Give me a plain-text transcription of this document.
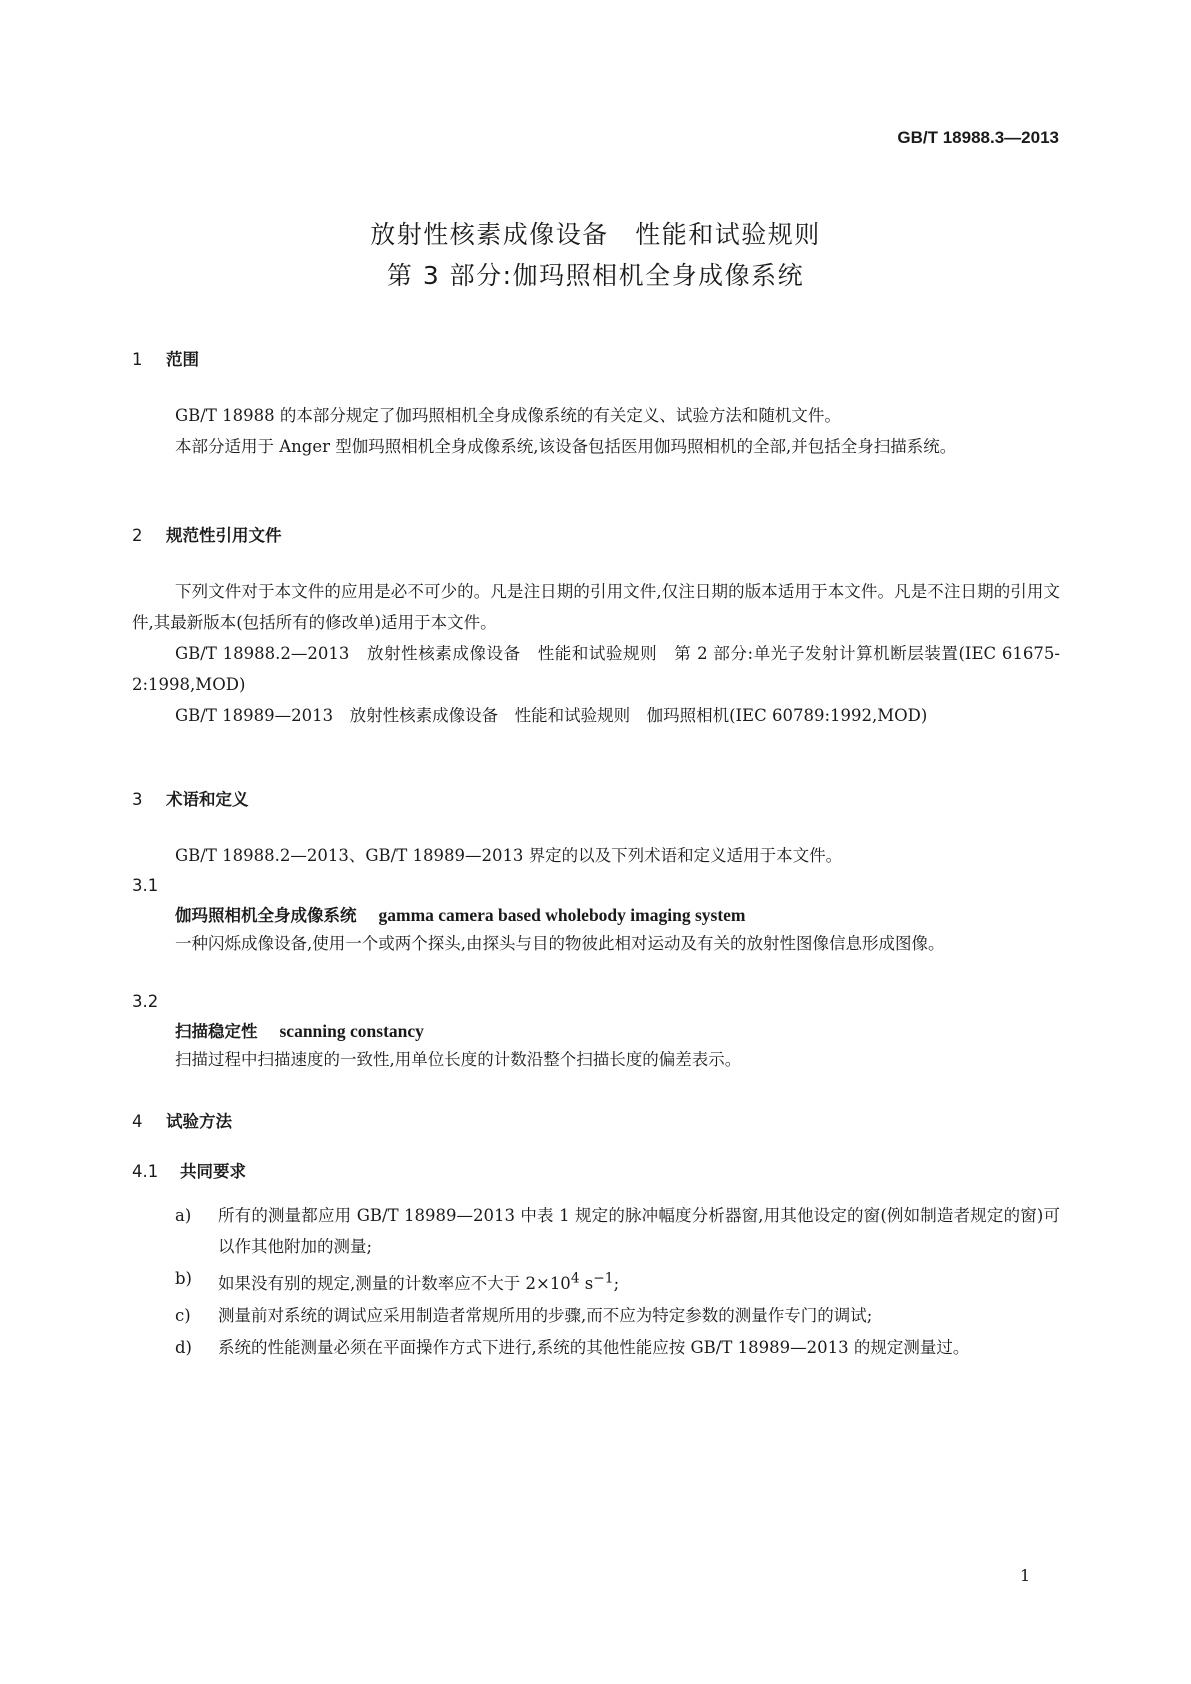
GB/T 18988.3—2013
放射性核素成像设备　性能和试验规则
第 3 部分:伽玛照相机全身成像系统
1 范围
GB/T 18988 的本部分规定了伽玛照相机全身成像系统的有关定义、试验方法和随机文件。
本部分适用于 Anger 型伽玛照相机全身成像系统,该设备包括医用伽玛照相机的全部,并包括全身扫描系统。
2 规范性引用文件
下列文件对于本文件的应用是必不可少的。凡是注日期的引用文件,仅注日期的版本适用于本文件。凡是不注日期的引用文件,其最新版本(包括所有的修改单)适用于本文件。
GB/T 18988.2—2013　放射性核素成像设备　性能和试验规则　第 2 部分:单光子发射计算机断层装置(IEC 61675-2:1998,MOD)
GB/T 18989—2013　放射性核素成像设备　性能和试验规则　伽玛照相机(IEC 60789:1992,MOD)
3 术语和定义
GB/T 18988.2—2013、GB/T 18989—2013 界定的以及下列术语和定义适用于本文件。
3.1
伽玛照相机全身成像系统 gamma camera based wholebody imaging system
一种闪烁成像设备,使用一个或两个探头,由探头与目的物彼此相对运动及有关的放射性图像信息形成图像。
3.2
扫描稳定性 scanning constancy
扫描过程中扫描速度的一致性,用单位长度的计数沿整个扫描长度的偏差表示。
4 试验方法
4.1 共同要求
a) 所有的测量都应用 GB/T 18989—2013 中表 1 规定的脉冲幅度分析器窗,用其他设定的窗(例如制造者规定的窗)可以作其他附加的测量;
b) 如果没有别的规定,测量的计数率应不大于 $2\times 10^4$ $s^{-1}$;
c) 测量前对系统的调试应采用制造者常规所用的步骤,而不应为特定参数的测量作专门的调试;
d) 系统的性能测量必须在平面操作方式下进行,系统的其他性能应按 GB/T 18989—2013 的规定测量过。
1
